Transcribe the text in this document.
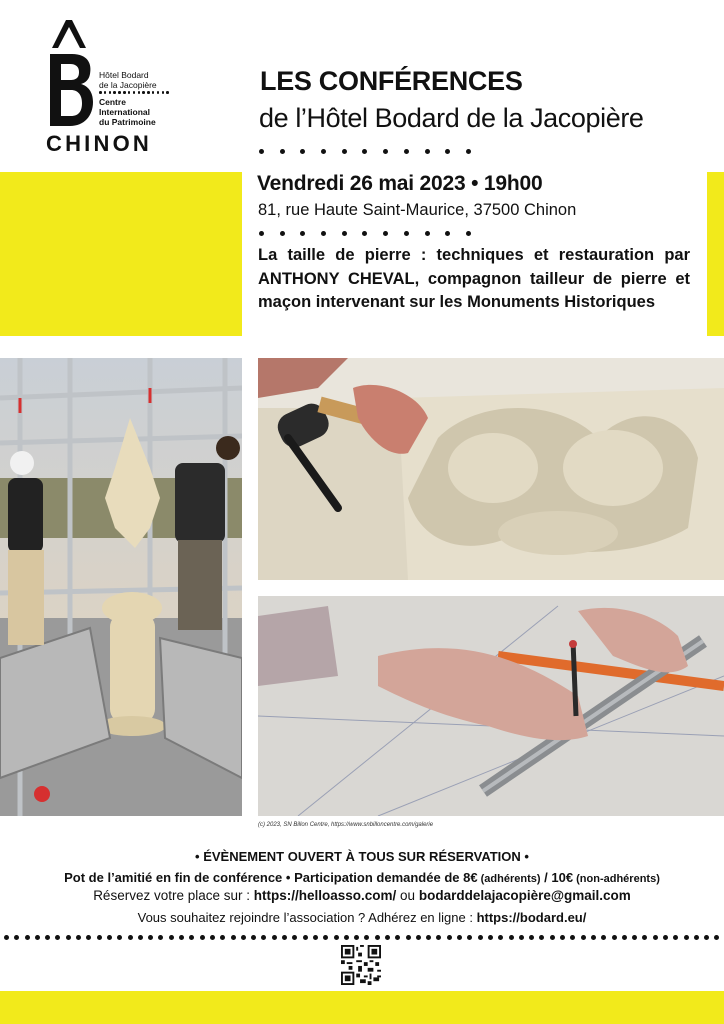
Hôtel Bodard
de la Jacopière
Centre
International
du Patrimoine
CHINON
LES CONFÉRENCES
de l’Hôtel Bodard de la Jacopière
Vendredi 26 mai 2023 • 19h00
81, rue Haute Saint-Maurice, 37500 Chinon
La taille de pierre : techniques et restauration par ANTHONY CHEVAL, compagnon tailleur de pierre et maçon intervenant sur les Monuments Historiques
(c) 2023, SN Billon Centre, https://www.snbilloncentre.com/galerie
• ÉVÈNEMENT OUVERT À TOUS SUR RÉSERVATION •
Pot de l’amitié en fin de conférence • Participation demandée de 8€ (adhérents) / 10€ (non-adhérents)
Réservez votre place sur : https://helloasso.com/ ou bodarddelajacopière@gmail.com
Vous souhaitez rejoindre l’association ? Adhérez en ligne : https://bodard.eu/
